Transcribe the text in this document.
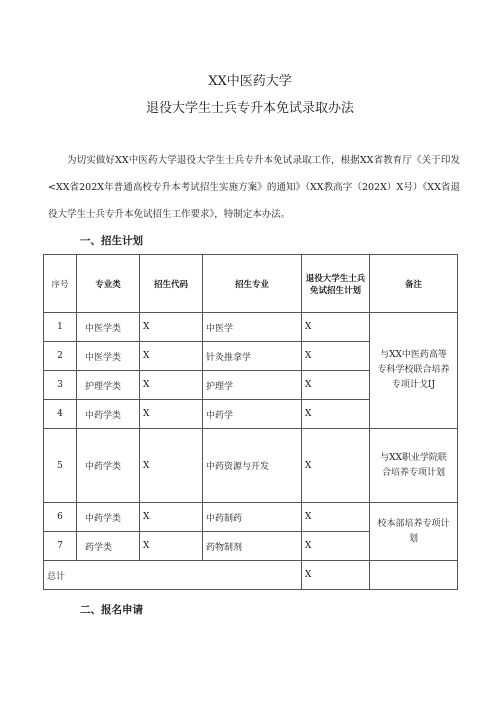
XX中医药大学
退役大学生士兵专升本免试录取办法
为切实做好XX中医药大学退役大学生士兵专升本免试录取工作，根据XX省教育厅《关于印发<XX省202X年普通高校专升本考试招生实施方案》的通知》（XX教高字（202X）X号）《XX省退役大学生士兵专升本免试招生工作要求》，特制定本办法。
一、招生计划
序号	专业类	招生代码	招生专业	退役大学生士兵免试招生计划	备注
1	中医学类	X	中医学	X	与XX中医药高等专科学校联合培养专项计戈IJ
2	中医学类	X	针灸推拿学	X	
3	护理学类	X	护理学	X	
4	中药学类	X	中药学	X	
5	中药学类	X	中药资源与开发	X	与XX职业学院联合培养专项计划
6	中药学类	X	中药制药	X	校本部培养专项计划
7	药学类	X	药物制剂	X	
总计				X	
二、报名申请
